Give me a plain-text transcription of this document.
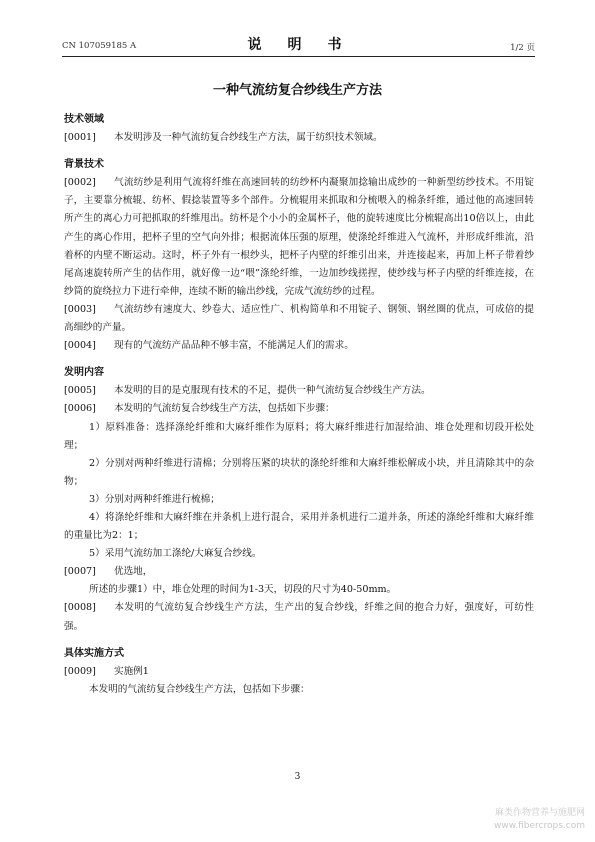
CN 107059185 A	说　明　书	1/2 页
一种气流纺复合纱线生产方法
技术领域
[0001] 本发明涉及一种气流纺复合纱线生产方法，属于纺织技术领域。
背景技术
[0002] 气流纺纱是利用气流将纤维在高速回转的纺纱杯内凝聚加捻输出成纱的一种新型纺纱技术。不用锭子，主要靠分梳辊、纺杯、假捻装置等多个部件。分梳辊用来抓取和分梳喂入的棉条纤维，通过他的高速回转所产生的离心力可把抓取的纤维甩出。纺杯是个小小的金属杯子，他的旋转速度比分梳辊高出10倍以上，由此产生的离心作用，把杯子里的空气向外排；根据流体压强的原理，使涤纶纤维进入气流杯，并形成纤维流，沿着杯的内壁不断运动。这时，杯子外有一根纱头，把杯子内壁的纤维引出来，并连接起来，再加上杯子带着纱尾高速旋转所产生的估作用，就好像一边“喂”涤纶纤维，一边加纱线搓捏，使纱线与杯子内壁的纤维连接，在纱筒的旋绕拉力下进行牵伸，连续不断的输出纱线，完成气流纺纱的过程。
[0003] 气流纺纱有速度大、纱卷大、适应性广、机构简单和不用锭子、钢领、钢丝圈的优点，可成倍的提高细纱的产量。
[0004] 现有的气流纺产品品种不够丰富，不能满足人们的需求。
发明内容
[0005] 本发明的目的是克服现有技术的不足，提供一种气流纺复合纱线生产方法。
[0006] 本发明的气流纺复合纱线生产方法，包括如下步骤：
1）原料准备：选择涤纶纤维和大麻纤维作为原料；将大麻纤维进行加湿给油、堆仓处理和切段开松处理；
2）分别对两种纤维进行清棉；分别将压紧的块状的涤纶纤维和大麻纤维松解成小块，并且清除其中的杂物；
3）分别对两种纤维进行梳棉；
4）将涤纶纤维和大麻纤维在并条机上进行混合，采用并条机进行二道并条，所述的涤纶纤维和大麻纤维的重量比为2：1；
5）采用气流纺加工涤纶/大麻复合纱线。
[0007] 优选地，
所述的步骤1）中，堆仓处理的时间为1-3天，切段的尺寸为40-50mm。
[0008] 本发明的气流纺复合纱线生产方法，生产出的复合纱线，纤维之间的抱合力好，强度好，可纺性强。
具体实施方式
[0009] 实施例1
本发明的气流纺复合纱线生产方法，包括如下步骤：
3
麻类作物营养与施肥网
www.fibercrops.com
